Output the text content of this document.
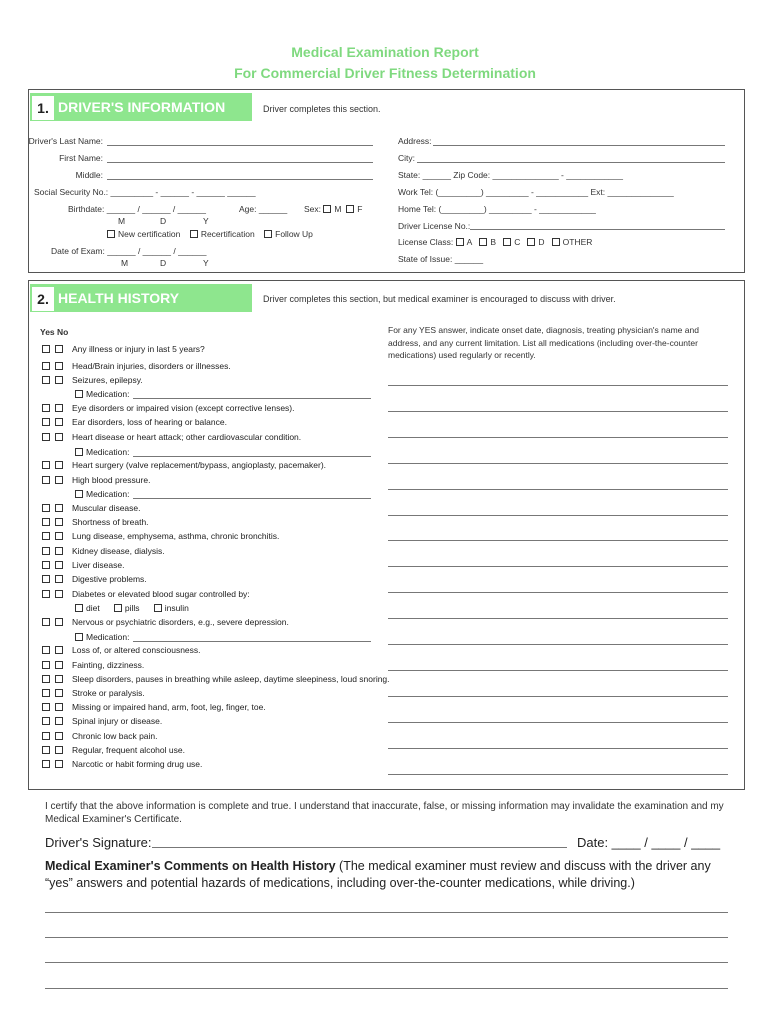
Medical Examination Report
For Commercial Driver Fitness Determination
1. DRIVER'S INFORMATION	Driver completes this section.
Driver's Last Name:
First Name:
Middle:
Social Security No.: _________ - ______ - ______ ______
Birthdate: ______ / ______ / ______	Age: ______ Sex: M F
M	D	Y
New certification Recertification Follow Up
Date of Exam: ______ / ______ / ______
M	D	Y
Address:
City:
State: ______ Zip Code: ______________ - ____________
Work Tel: (_________) _________ - ___________ Ext: ______________
Home Tel: (_________) _________ - ____________
Driver License No.:
License Class: A B C D OTHER
State of Issue: ______
2. HEALTH HISTORY	Driver completes this section, but medical examiner is encouraged to discuss with driver.
Yes No	For any YES answer, indicate onset date, diagnosis, treating physician's name and address, and any current limitation. List all medications (including over-the-counter medications) used regularly or recently.
Any illness or injury in last 5 years?
Head/Brain injuries, disorders or illnesses.
Seizures, epilepsy.
Medication:
Eye disorders or impaired vision (except corrective lenses).
Ear disorders, loss of hearing or balance.
Heart disease or heart attack; other cardiovascular condition.
Medication:
Heart surgery (valve replacement/bypass, angioplasty, pacemaker).
High blood pressure.
Medication:
Muscular disease.
Shortness of breath.
Lung disease, emphysema, asthma, chronic bronchitis.
Kidney disease, dialysis.
Liver disease.
Digestive problems.
Diabetes or elevated blood sugar controlled by:
diet	pills	insulin
Nervous or psychiatric disorders, e.g., severe depression.
Medication:
Loss of, or altered consciousness.
Fainting, dizziness.
Sleep disorders, pauses in breathing while asleep, daytime sleepiness, loud snoring.
Stroke or paralysis.
Missing or impaired hand, arm, foot, leg, finger, toe.
Spinal injury or disease.
Chronic low back pain.
Regular, frequent alcohol use.
Narcotic or habit forming drug use.
I certify that the above information is complete and true. I understand that inaccurate, false, or missing information may invalidate the examination and my Medical Examiner's Certificate.
Driver's Signature:	Date: ____ / ____ / ____
Medical Examiner's Comments on Health History (The medical examiner must review and discuss with the driver any “yes” answers and potential hazards of medications, including over-the-counter medications, while driving.)
